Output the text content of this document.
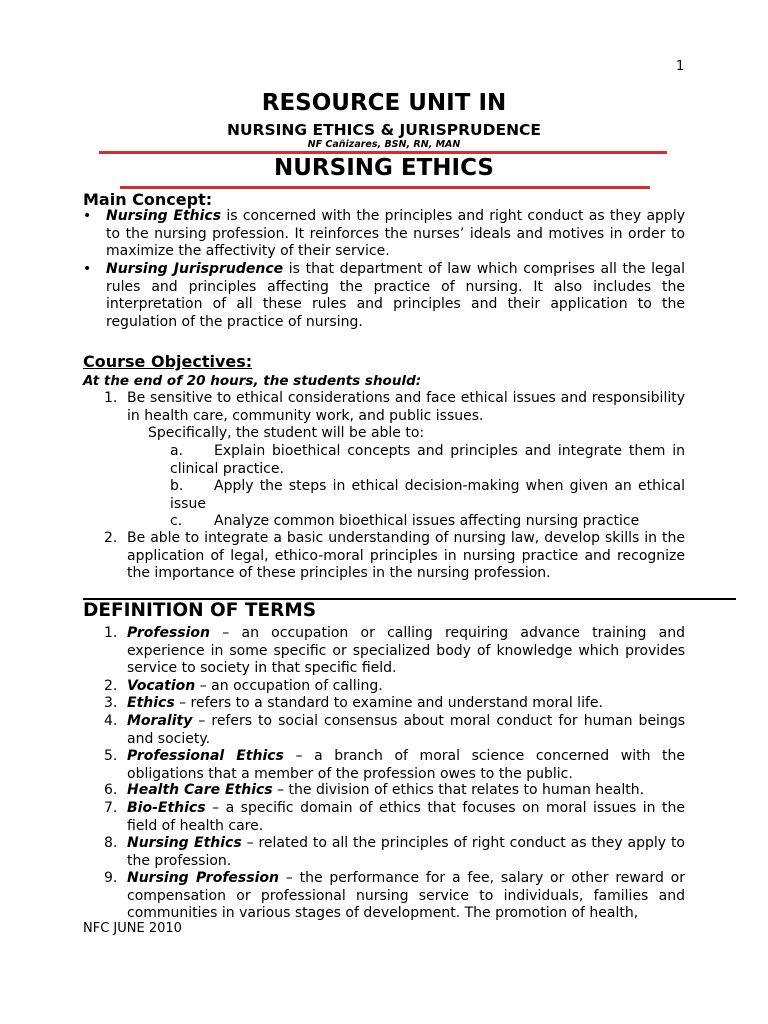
1
RESOURCE UNIT IN
NURSING ETHICS & JURISPRUDENCE
NF Cañizares, BSN, RN, MAN
NURSING ETHICS
Main Concept:
• Nursing Ethics is concerned with the principles and right conduct as they apply to the nursing profession. It reinforces the nurses’ ideals and motives in order to maximize the affectivity of their service.
• Nursing Jurisprudence is that department of law which comprises all the legal rules and principles affecting the practice of nursing. It also includes the interpretation of all these rules and principles and their application to the regulation of the practice of nursing.
Course Objectives:
At the end of 20 hours, the students should:
1. Be sensitive to ethical considerations and face ethical issues and responsibility in health care, community work, and public issues.
Specifically, the student will be able to:
a.	Explain bioethical concepts and principles and integrate them in clinical practice.
b.	Apply the steps in ethical decision-making when given an ethical issue
c.	Analyze common bioethical issues affecting nursing practice
2. Be able to integrate a basic understanding of nursing law, develop skills in the application of legal, ethico-moral principles in nursing practice and recognize the importance of these principles in the nursing profession.
DEFINITION OF TERMS
1. Profession – an occupation or calling requiring advance training and experience in some specific or specialized body of knowledge which provides service to society in that specific field.
2. Vocation – an occupation of calling.
3. Ethics – refers to a standard to examine and understand moral life.
4. Morality – refers to social consensus about moral conduct for human beings and society.
5. Professional Ethics – a branch of moral science concerned with the obligations that a member of the profession owes to the public.
6. Health Care Ethics – the division of ethics that relates to human health.
7. Bio-Ethics – a specific domain of ethics that focuses on moral issues in the field of health care.
8. Nursing Ethics – related to all the principles of right conduct as they apply to the profession.
9. Nursing Profession – the performance for a fee, salary or other reward or compensation or professional nursing service to individuals, families and communities in various stages of development. The promotion of health,
NFC JUNE 2010
